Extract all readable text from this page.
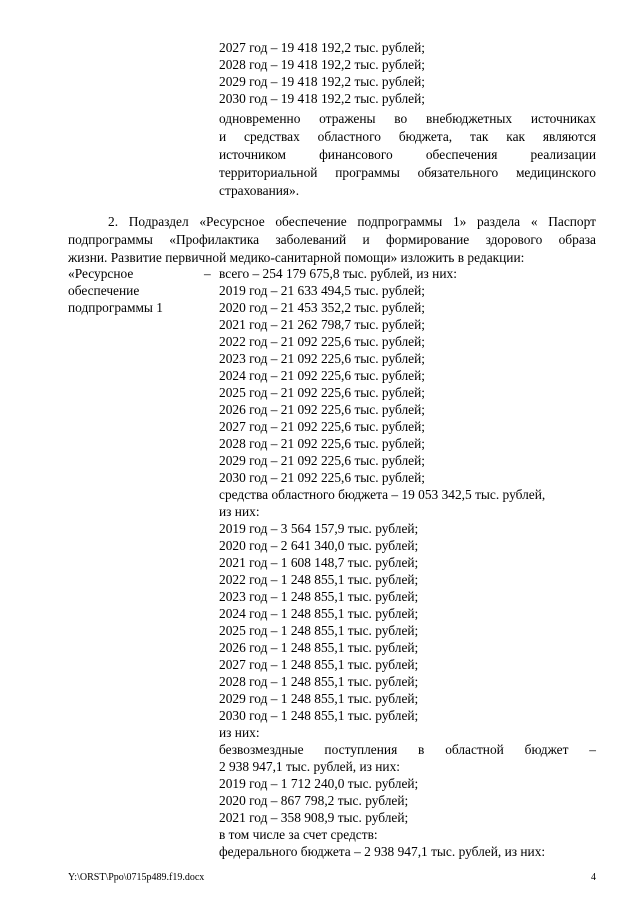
2027 год – 19 418 192,2 тыс. рублей;
2028 год – 19 418 192,2 тыс. рублей;
2029 год – 19 418 192,2 тыс. рублей;
2030 год – 19 418 192,2 тыс. рублей;
одновременно отражены во внебюджетных источниках
и средствах областного бюджета, так как являются
источником финансового обеспечения реализации
территориальной программы обязательного медицинского
страхования».
2. Подраздел «Ресурсное обеспечение подпрограммы 1» раздела « Паспорт
подпрограммы «Профилактика заболеваний и формирование здорового образа
жизни. Развитие первичной медико-санитарной помощи» изложить в редакции:
«Ресурсное
обеспечение
подпрограммы 1
– всего – 254 179 675,8 тыс. рублей, из них:
2019 год – 21 633 494,5 тыс. рублей;
2020 год – 21 453 352,2 тыс. рублей;
2021 год – 21 262 798,7 тыс. рублей;
2022 год – 21 092 225,6 тыс. рублей;
2023 год – 21 092 225,6 тыс. рублей;
2024 год – 21 092 225,6 тыс. рублей;
2025 год – 21 092 225,6 тыс. рублей;
2026 год – 21 092 225,6 тыс. рублей;
2027 год – 21 092 225,6 тыс. рублей;
2028 год – 21 092 225,6 тыс. рублей;
2029 год – 21 092 225,6 тыс. рублей;
2030 год – 21 092 225,6 тыс. рублей;
средства областного бюджета – 19 053 342,5 тыс. рублей,
из них:
2019 год – 3 564 157,9 тыс. рублей;
2020 год – 2 641 340,0 тыс. рублей;
2021 год – 1 608 148,7 тыс. рублей;
2022 год – 1 248 855,1 тыс. рублей;
2023 год – 1 248 855,1 тыс. рублей;
2024 год – 1 248 855,1 тыс. рублей;
2025 год – 1 248 855,1 тыс. рублей;
2026 год – 1 248 855,1 тыс. рублей;
2027 год – 1 248 855,1 тыс. рублей;
2028 год – 1 248 855,1 тыс. рублей;
2029 год – 1 248 855,1 тыс. рублей;
2030 год – 1 248 855,1 тыс. рублей;
из них:
безвозмездные поступления в областной бюджет –
2 938 947,1 тыс. рублей, из них:
2019 год – 1 712 240,0 тыс. рублей;
2020 год – 867 798,2 тыс. рублей;
2021 год – 358 908,9 тыс. рублей;
в том числе за счет средств:
федерального бюджета – 2 938 947,1 тыс. рублей, из них:
Y:\ORST\Ppo\0715p489.f19.docx	4
